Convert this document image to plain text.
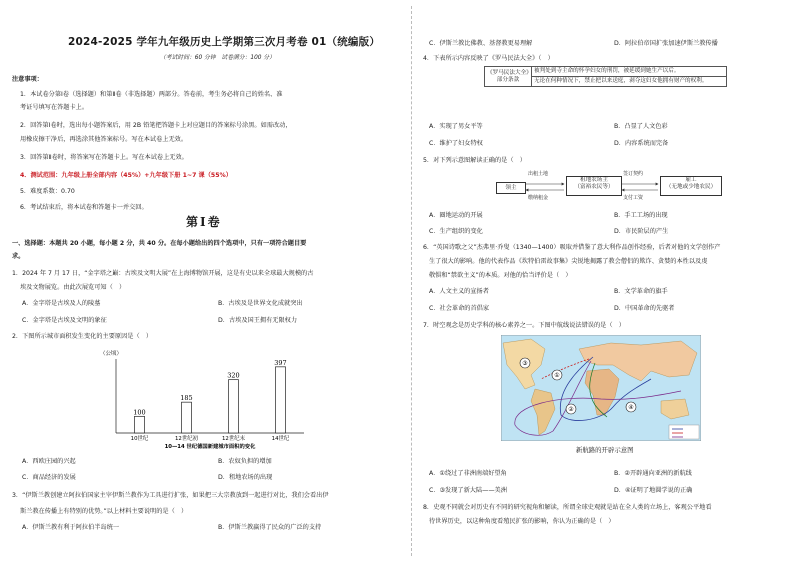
2024-2025 学年九年级历史上学期第三次月考卷 01（统编版）
（考试时间：60 分钟　试卷满分：100 分）
注意事项：
1．本试卷分第Ⅰ卷（选择题）和第Ⅱ卷（非选择题）两部分。答卷前，考生务必将自己的姓名、准
考证号填写在答题卡上。
2．回答第Ⅰ卷时，选出每小题答案后，用 2B 铅笔把答题卡上对应题目的答案标号涂黑。如需改动，
用橡皮擦干净后，再选涂其他答案标号。写在本试卷上无效。
3．回答第Ⅱ卷时，将答案写在答题卡上。写在本试卷上无效。
4．测试范围：九年级上册全部内容（45%）+九年级下册 1~7 课（55%）
5．难度系数：0.70
6．考试结束后，将本试卷和答题卡一并交回。
第Ⅰ卷
一、选择题：本题共 20 小题，每小题 2 分，共 40 分。在每小题给出的四个选项中，只有一项符合题目要
求。
1．2024 年 7 月 17 日，“金字塔之巅：古埃及文明大展”在上海博物馆开展，这是有史以来全球最大规模的古
埃及文物展览。由此次展览可知（　）
A．金字塔是古埃及人的陵墓	B．古埃及是世界文化成就突出
C．金字塔是古埃及文明的象征	D．古埃及国王拥有无限权力
2．下图所示城市面积发生变化的主要原因是（　）
（公顷）
100
10世纪
185
12世纪初
320
12世纪末
397
14世纪
10—14 世纪德国新建城市面积的变化
A．西欧庄园的兴起	B．农奴负担的增加
C．商品经济的发展	D．租地农场的出现
3．“伊斯兰教创建立阿拉伯国家主宰伊斯兰教作为工具进行扩张，如果把三大宗教放到一起进行对比，我们会看出伊
斯兰教在传播上有特别的优势。”以上材料主要说明的是（　）
A．伊斯兰教有利于阿拉伯半岛统一	B．伊斯兰教赢得了民众的广泛的支持
C．伊斯兰教比佛教、基督教更易理解	D．阿拉伯帝国扩张加速伊斯兰教传播
4．下表所示内容反映了《罗马民法大全》（　）
《罗马民法大全》部分条款	被判处到寺主命的怀孕妇女的刑罚，被延缓到她生产以后。
无论在何种情况下，禁止把以来送庭，剥夺这妇女他拥有财产的权利。
A．实现了男女平等	B．凸显了人文色彩
C．维护了妇女特权	D．内容系统而完备
5．对下列示意图解读正确的是（　）
领主
租地农场主
（富裕农民等）
雇工
（无地或少地农民）
出租土地
缴纳租金
签订契约
支付工资
A．圈地运动的开展	B．手工工场的出现
C．生产组织的变化	D．市民阶层的产生
6．“英国诗歌之父”杰弗里·乔叟（1340—1400）吸取并借鉴了意大利作品创作经验，后者对他的文学创作产
生了很大的影响。他的代表作品《坎特伯雷故事集》尖锐地揭露了教会僧侣的欺诈、贪婪的本性以及虔
敬惧和“禁欲主义”的本质。对他的恰当评价是（　）
A．人文主义的宣扬者	B．文学革命的旗手
C．社会革命的首倡家	D．中国革命的先驱者
7．时空观念是历史学科的核心素养之一。下图中航线说法错误的是（　）
③
②
①
④
新航路的开辟示意图
A．①绕过了非洲南端好望角	B．②开辟通向亚洲的新航线
C．③发现了新大陆——美洲	D．④证明了地圆学说的正确
8．史观不同就会对历史有不同的研究视角和解读，所谓全球史观就是站在全人类的立场上，客观公平地看
待世界历史，以这种角度看殖民扩张的影响，你认为正确的是（　）
